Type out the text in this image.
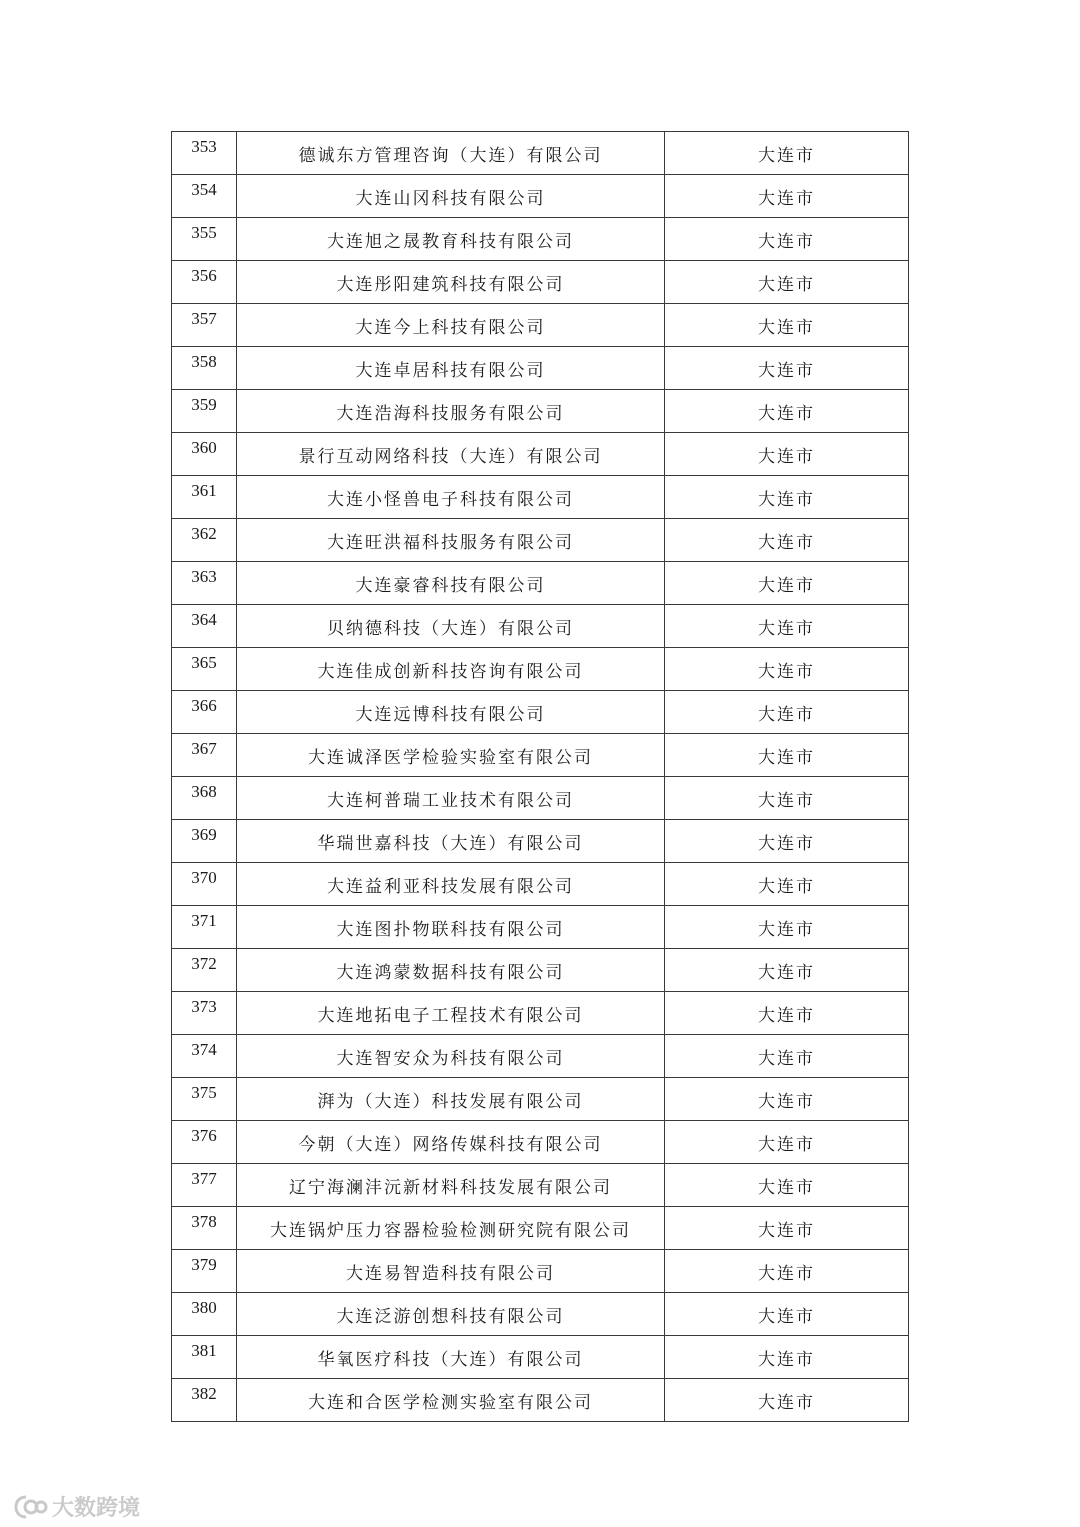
353	德诚东方管理咨询（大连）有限公司	大连市
354	大连山冈科技有限公司	大连市
355	大连旭之晟教育科技有限公司	大连市
356	大连彤阳建筑科技有限公司	大连市
357	大连今上科技有限公司	大连市
358	大连卓居科技有限公司	大连市
359	大连浩海科技服务有限公司	大连市
360	景行互动网络科技（大连）有限公司	大连市
361	大连小怪兽电子科技有限公司	大连市
362	大连旺洪福科技服务有限公司	大连市
363	大连豪睿科技有限公司	大连市
364	贝纳德科技（大连）有限公司	大连市
365	大连佳成创新科技咨询有限公司	大连市
366	大连远博科技有限公司	大连市
367	大连诚泽医学检验实验室有限公司	大连市
368	大连柯普瑞工业技术有限公司	大连市
369	华瑞世嘉科技（大连）有限公司	大连市
370	大连益利亚科技发展有限公司	大连市
371	大连图扑物联科技有限公司	大连市
372	大连鸿蒙数据科技有限公司	大连市
373	大连地拓电子工程技术有限公司	大连市
374	大连智安众为科技有限公司	大连市
375	湃为（大连）科技发展有限公司	大连市
376	今朝（大连）网络传媒科技有限公司	大连市
377	辽宁海澜沣沅新材料科技发展有限公司	大连市
378	大连锅炉压力容器检验检测研究院有限公司	大连市
379	大连易智造科技有限公司	大连市
380	大连泛游创想科技有限公司	大连市
381	华氧医疗科技（大连）有限公司	大连市
382	大连和合医学检测实验室有限公司	大连市
大数跨境
